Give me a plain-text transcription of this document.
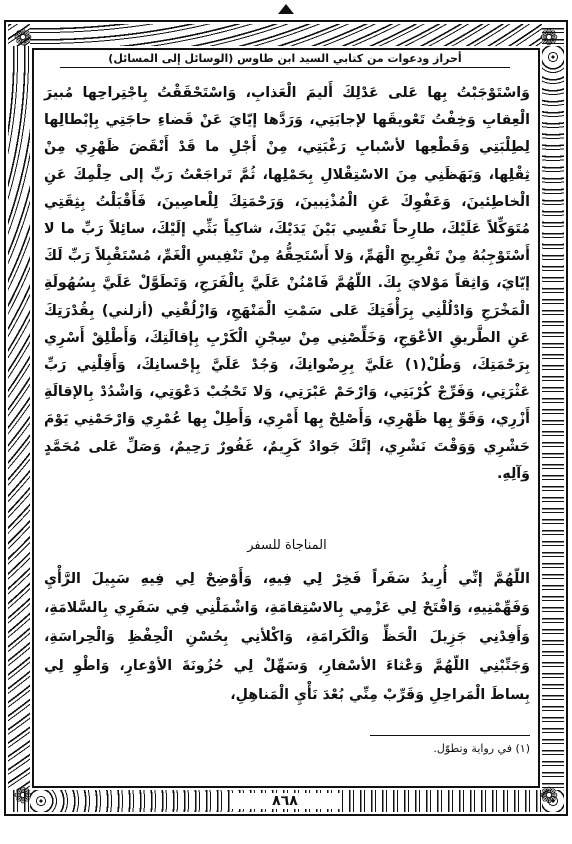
❁	❁
❁	❁
أحراز ودعوات من كتابي السيد ابن طاوس (الوسائل إلى المسائل)
وَاسْتَوْجَبْتُ بِها عَلى عَدْلِكَ أَليمَ الْعَذابِ، وَاسْتَحْقَقْتُ بِاجْتِراحِها مُبيرَ الْعِقابِ وَخِفْتُ تَعْويقَها لإجابَتِي، وَرَدَّها إيّايَ عَنْ قَضاءِ حاجَتِي بِإبْطالِها لِطِلْبَتِي وَقَطْعِها لأسْبابِ رَغْبَتِي، مِنْ أَجْلِ ما قَدْ أَنْقَضَ ظَهْرِي مِنْ ثِقْلِها، وَبَهَظَنِي مِنَ الاسْتِقْلالِ بِحَمْلِها، ثُمَّ تَراجَعْتُ رَبِّ إلى حِلْمِكَ عَنِ الْخاطِئينَ، وَعَفْوِكَ عَنِ الْمُذْنِبينَ، وَرَحْمَتِكَ لِلْعاصِينَ، فَأَقْبَلْتُ بِثِقَتِي مُتَوَكِّلاً عَلَيْكَ، طارِحاً نَفْسِي بَيْنَ يَدَيْكَ، شاكِياً بَثِّي إلَيْكَ، سائِلاً رَبِّ ما لا أَسْتَوْجِبُهُ مِنْ تَفْرِيجِ الْهَمِّ، وَلا أَسْتَحِقُّهُ مِنْ تَنْفِيسِ الْغَمِّ، مُسْتَقْبِلاً رَبِّ لَكَ إيّايَ، وَاثِقاً مَوْلايَ بِكَ. اللّهُمَّ فَامْنُنْ عَلَيَّ بِالْفَرَجِ، وَتَطَوَّلْ عَلَيَّ بِسُهُولَةِ الْمَخْرَجِ وَادْلُلْنِي بِرَأْفَتِكَ عَلى سَمْتِ الْمَنْهَجِ، وَازْلُقْنِي (أزلني) بِقُدْرَتِكَ عَنِ الطَّريقِ الأعْوَجِ، وَخَلِّصْنِي مِنْ سِجْنِ الْكَرْبِ بِإقالَتِكَ، وَأَطْلِقْ أَسْرِي بِرَحْمَتِكَ، وَطُلْ(١) عَلَيَّ بِرِضْوانِكَ، وَجُدْ عَلَيَّ بِإحْسانِكَ، وَأَقِلْنِي رَبِّ عَثْرَتِي، وَفَرِّجْ كُرْبَتِي، وَارْحَمْ عَبْرَتِي، وَلا تَحْجُبْ دَعْوَتِي، وَاشْدُدْ بِالإقالَةِ أَزْرِي، وَقَوِّ بِها ظَهْرِي، وَأَصْلِحْ بِها أَمْرِي، وَأَطِلْ بِها عُمْرِي وَارْحَمْنِي يَوْمَ حَشْرِي وَوَقْتَ نَشْرِي، إنَّكَ جَوادٌ كَرِيمٌ، غَفُورٌ رَحِيمٌ، وَصَلِّ عَلى مُحَمَّدٍ وَآلِهِ.
المناجاة للسفر
اللّهُمَّ إنِّي أُرِيدُ سَفَراً فَخِرْ لِي فِيهِ، وَأَوْضِحْ لِي فِيهِ سَبِيلَ الرَّأْيِ وَفَهِّمْنِيهِ، وَافْتَحْ لِي عَزْمِي بِالاسْتِقامَةِ، وَاشْمَلْنِي فِي سَفَرِي بِالسَّلامَةِ، وَأَفِدْنِي جَزِيلَ الْحَظِّ وَالْكَرامَةِ، وَاكْلأنِي بِحُسْنِ الْحِفْظِ وَالْحِراسَةِ، وَجَنِّبْنِي اللّهُمَّ وَعْثاءَ الأسْفارِ، وَسَهِّلْ لِي حُزُونَةَ الأوْعارِ، وَاطْوِ لِي بِساطَ الْمَراحِلِ وَقَرِّبْ مِنِّي بُعْدَ نَأْيِ الْمَناهِلِ،
(١) في رواية وتطوّل.
٨٦٨
